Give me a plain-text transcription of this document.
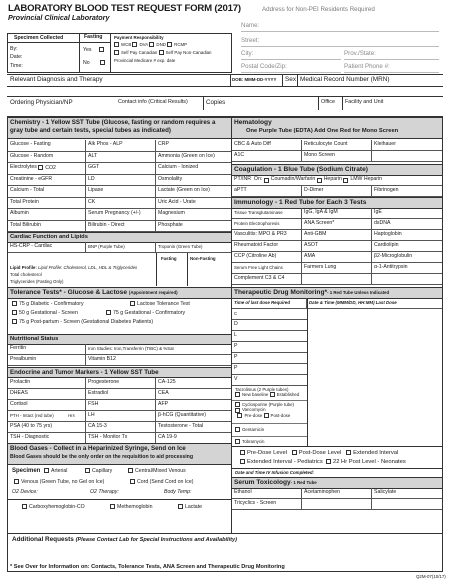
LABORATORY BLOOD TEST REQUEST FORM (2017)
Provincial Clinical Laboratory
Address for Non-PEI Residents Required
Name:
Street:
City:	Prov./State:
Postal Code/Zip:	Patient Phone #:
Specimen Collected	Fasting
By:
Date:
Time:
Yes
No
Payment Responsibility
WCB DVA DND RCMP
Self Pay Canadian Self Pay Non-Canadian
Provincial Medicare # exp. date
Relevant Diagnosis and Therapy	DOB: MMM-DD-YYYY Sex Medical Record Number (MRN)
Ordering Physician/NP	Contact info (Critical Results)	Copies	Office Facility and Unit
Chemistry - 1 Yellow SST Tube (Glucose, fasting or random requires a gray tube and certain tests, special tubes as indicated)
Glucose - Fasting	Alk Phos - ALP	CRP
Glucose - Random	ALT	Ammonia (Green on Ice)
Electrolytes	CO2	GGT	Calcium - Ionized
Creatinine - eGFR	LD	Osmolality
Calcium - Total	Lipase	Lactate (Green on Ice)
Total Protein	CK	Uric Acid - Urate
Albumin	Serum Pregnancy (+/-)	Magnesium
Total Bilirubin	Bilirubin - Direct	Phosphate
Cardiac Function and Lipids
HS-CRP - Cardiac	BNP (Purple Tube)	Troponin (Green Tube)
Fasting	Non-Fasting
Lipid Profile: Lipid Profile: Cholesterol, LDL, HDL & Triglycerides
Total cholesterol
Triglycerides (Fasting Only)
Tolerance Tests* - Glucose & Lactose (Appointment required)
75 g Diabetic - Confirmatory	Lactose Tolerance Test
50 g Gestational - Screen	75 g Gestational - Confirmatory
75 g Post-partum - Screen (Gestational Diabetes Patients)
Nutritional Status
Ferritin	Iron Studies: Iron,Transferrin (TIBC) & %Sat
Prealbumin	Vitamin B12
Endocrine and Tumor Markers - 1 Yellow SST Tube
Prolactin	Progesterone	CA-125
DHEAS	Estradiol	CEA
Cortisol	FSH	AFP
PTH - Intact (red tube)	LH	β-hCG (Quantitative)
PSA (40 to 75 yrs)	CA 15-3	Testosterone - Total
TSH - Diagnostic	TSH - Monitor Tx	CA 19-9
Hrs
Blood Gases - Collect in a Heparinized Syringe, Send on Ice
Blood Gases should be the only order on the requisition to aid processing
Specimen	Arterial	Capillary	Central/Mixed Venous
Venous (Green Tube, no Gel on Ice)	Cord (Send Cord on Ice)
O2 Device:	O2 Therapy:	Body Temp:
Carboxyhemoglobin-CO	Methemoglobin	Lactate
Hematology
One Purple Tube (EDTA) Add One Red for Mono Screen
CBC & Auto Diff	Reticulocyte Count	Kleihauer
A1C	Mono Screen
Coagulation - 1 Blue Tube (Sodium Citrate)
PT/INR
On:
Coumadin/Warfarin
Heparin
LMW Heparin
aPTT	D-Dimer	Fibrinogen
Immunology - 1 Red Tube for Each 3 Tests
Tissue Transglutaminase	IgG, IgA & IgM	IgE
Protein Electrophoresis	ANA Screen*	dsDNA
Vasculitis: MPO & PR3	Anti-GBM	Haptoglobin
Rheumatoid Factor	ASOT	Cardiolipin
CCP (Citroline Ab)	AMA	β2-Microglobulin
Serum Free Light Chains	Farmers Lung	α-1-Antitrypsin
Complement C3 & C4
Therapeutic Drug Monitoring*- 1 Red Tube Unless Indicated
Time of last dose Required	Date & Time (MMM/DD, HH:MM) Last Dose
C
D
L
P
P
P
V
Tacrolimus (2 Purple tubes)
New baseline Established
Cyclosporine (Purple tube)
Vancomycin
Pre-dose Post-dose
Gentamicin
Tobramycin
Pre-Dose Level Post-Dose Level Extended Interval
Extended Interval - Pediatrics 22 Hr Post Level - Neonates
Date and Time IV Infusion Completed:
Serum Toxicology- 1 Red Tube
Ethanol	Acetaminophen	Salicylate
Tricyclics - Screen
Additional Requests (Please Contact Lab for Special Instructions and Availability)
* See Over for Information on: Contacts, Tolerance Tests, ANA Screen and Therapeutic Drug Monitoring
Q2M-07(10/17)
